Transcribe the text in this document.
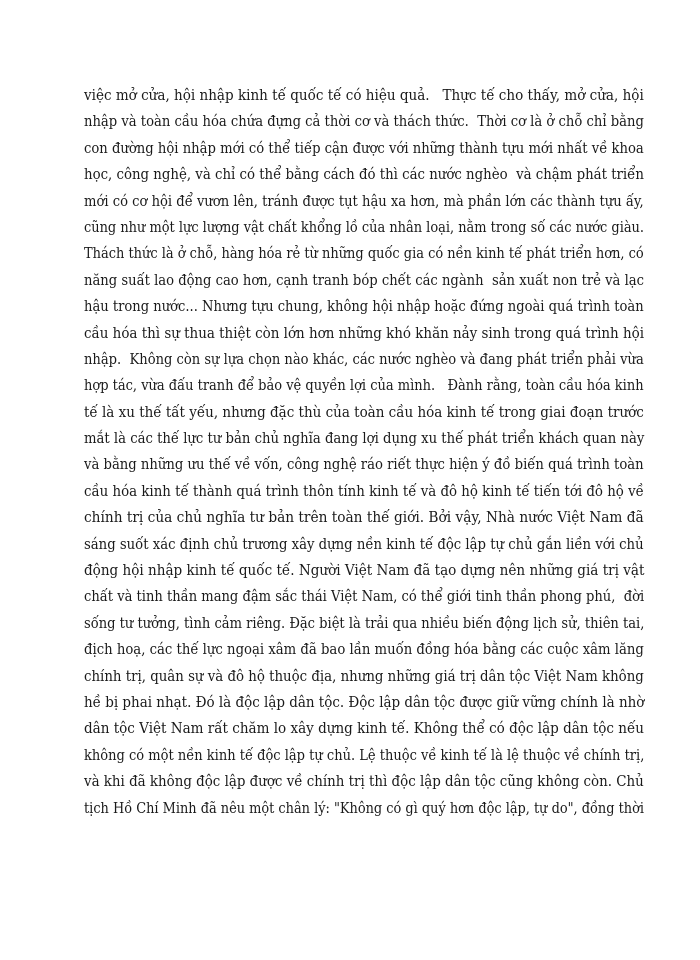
việc mở cửa, hội nhập kinh tế quốc tế có hiệu quả.   Thực tế cho thấy, mở cửa, hội
nhập và toàn cầu hóa chứa đựng cả thời cơ và thách thức.  Thời cơ là ở chỗ chỉ bằng
con đường hội nhập mới có thể tiếp cận được với những thành tựu mới nhất về khoa
học, công nghệ, và chỉ có thể bằng cách đó thì các nước nghèo  và chậm phát triển
mới có cơ hội để vươn lên, tránh được tụt hậu xa hơn, mà phần lớn các thành tựu ấy,
cũng như một lực lượng vật chất khổng lồ của nhân loại, nằm trong số các nước giàu.
Thách thức là ở chỗ, hàng hóa rẻ từ những quốc gia có nền kinh tế phát triển hơn, có
năng suất lao động cao hơn, cạnh tranh bóp chết các ngành  sản xuất non trẻ và lạc
hậu trong nước... Nhưng tựu chung, không hội nhập hoặc đứng ngoài quá trình toàn
cầu hóa thì sự thua thiệt còn lớn hơn những khó khăn nảy sinh trong quá trình hội
nhập.  Không còn sự lựa chọn nào khác, các nước nghèo và đang phát triển phải vừa
hợp tác, vừa đấu tranh để bảo vệ quyền lợi của mình.   Đành rằng, toàn cầu hóa kinh
tế là xu thế tất yếu, nhưng đặc thù của toàn cầu hóa kinh tế trong giai đoạn trước
mắt là các thế lực tư bản chủ nghĩa đang lợi dụng xu thế phát triển khách quan này
và bằng những ưu thế về vốn, công nghệ ráo riết thực hiện ý đồ biến quá trình toàn
cầu hóa kinh tế thành quá trình thôn tính kinh tế và đô hộ kinh tế tiến tới đô hộ về
chính trị của chủ nghĩa tư bản trên toàn thế giới. Bởi vậy, Nhà nước Việt Nam đã
sáng suốt xác định chủ trương xây dựng nền kinh tế độc lập tự chủ gắn liền với chủ
động hội nhập kinh tế quốc tế. Người Việt Nam đã tạo dựng nên những giá trị vật
chất và tinh thần mang đậm sắc thái Việt Nam, có thể giới tinh thần phong phú,  đời
sống tư tưởng, tình cảm riêng. Đặc biệt là trải qua nhiều biến động lịch sử, thiên tai,
địch hoạ, các thế lực ngoại xâm đã bao lần muốn đồng hóa bằng các cuộc xâm lăng
chính trị, quân sự và đô hộ thuộc địa, nhưng những giá trị dân tộc Việt Nam không
hề bị phai nhạt. Đó là độc lập dân tộc. Độc lập dân tộc được giữ vững chính là nhờ
dân tộc Việt Nam rất chăm lo xây dựng kinh tế. Không thể có độc lập dân tộc nếu
không có một nền kinh tế độc lập tự chủ. Lệ thuộc về kinh tế là lệ thuộc về chính trị,
và khi đã không độc lập được về chính trị thì độc lập dân tộc cũng không còn. Chủ
tịch Hồ Chí Minh đã nêu một chân lý: "Không có gì quý hơn độc lập, tự do", đồng thời
